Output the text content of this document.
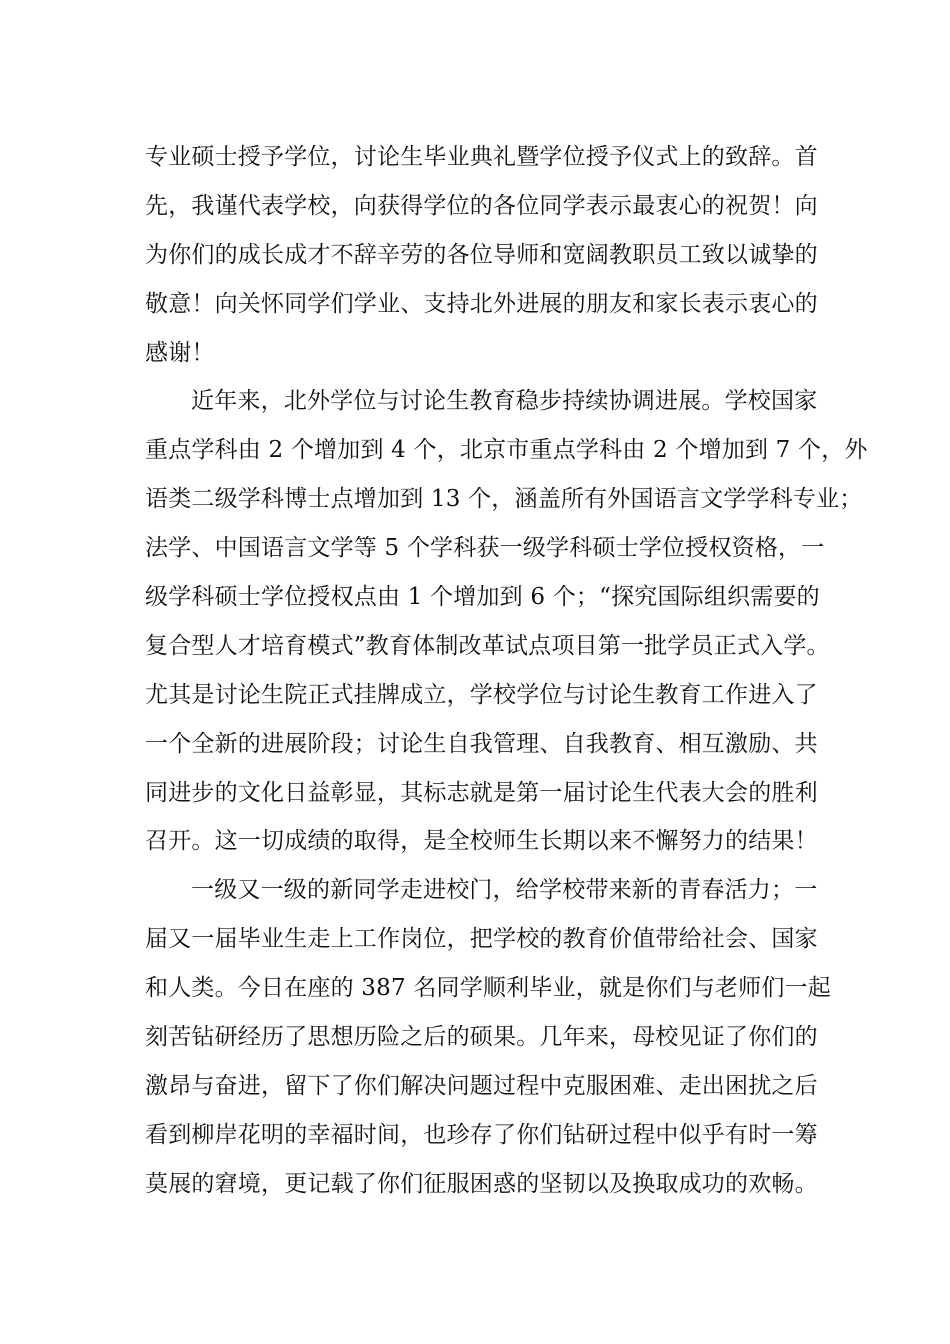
专业硕士授予学位，讨论生毕业典礼暨学位授予仪式上的致辞。首
先，我谨代表学校，向获得学位的各位同学表示最衷心的祝贺！向
为你们的成长成才不辞辛劳的各位导师和宽阔教职员工致以诚挚的
敬意！向关怀同学们学业、支持北外进展的朋友和家长表示衷心的
感谢！
近年来，北外学位与讨论生教育稳步持续协调进展。学校国家
重点学科由 2 个增加到 4 个，北京市重点学科由 2 个增加到 7 个，外
语类二级学科博士点增加到 13 个，涵盖所有外国语言文学学科专业；
法学、中国语言文学等 5 个学科获一级学科硕士学位授权资格，一
级学科硕士学位授权点由 1 个增加到 6 个；“探究国际组织需要的
复合型人才培育模式”教育体制改革试点项目第一批学员正式入学。
尤其是讨论生院正式挂牌成立，学校学位与讨论生教育工作进入了
一个全新的进展阶段；讨论生自我管理、自我教育、相互激励、共
同进步的文化日益彰显，其标志就是第一届讨论生代表大会的胜利
召开。这一切成绩的取得，是全校师生长期以来不懈努力的结果！
一级又一级的新同学走进校门，给学校带来新的青春活力；一
届又一届毕业生走上工作岗位，把学校的教育价值带给社会、国家
和人类。今日在座的 387 名同学顺利毕业，就是你们与老师们一起
刻苦钻研经历了思想历险之后的硕果。几年来，母校见证了你们的
激昂与奋进，留下了你们解决问题过程中克服困难、走出困扰之后
看到柳岸花明的幸福时间，也珍存了你们钻研过程中似乎有时一筹
莫展的窘境，更记载了你们征服困惑的坚韧以及换取成功的欢畅。
